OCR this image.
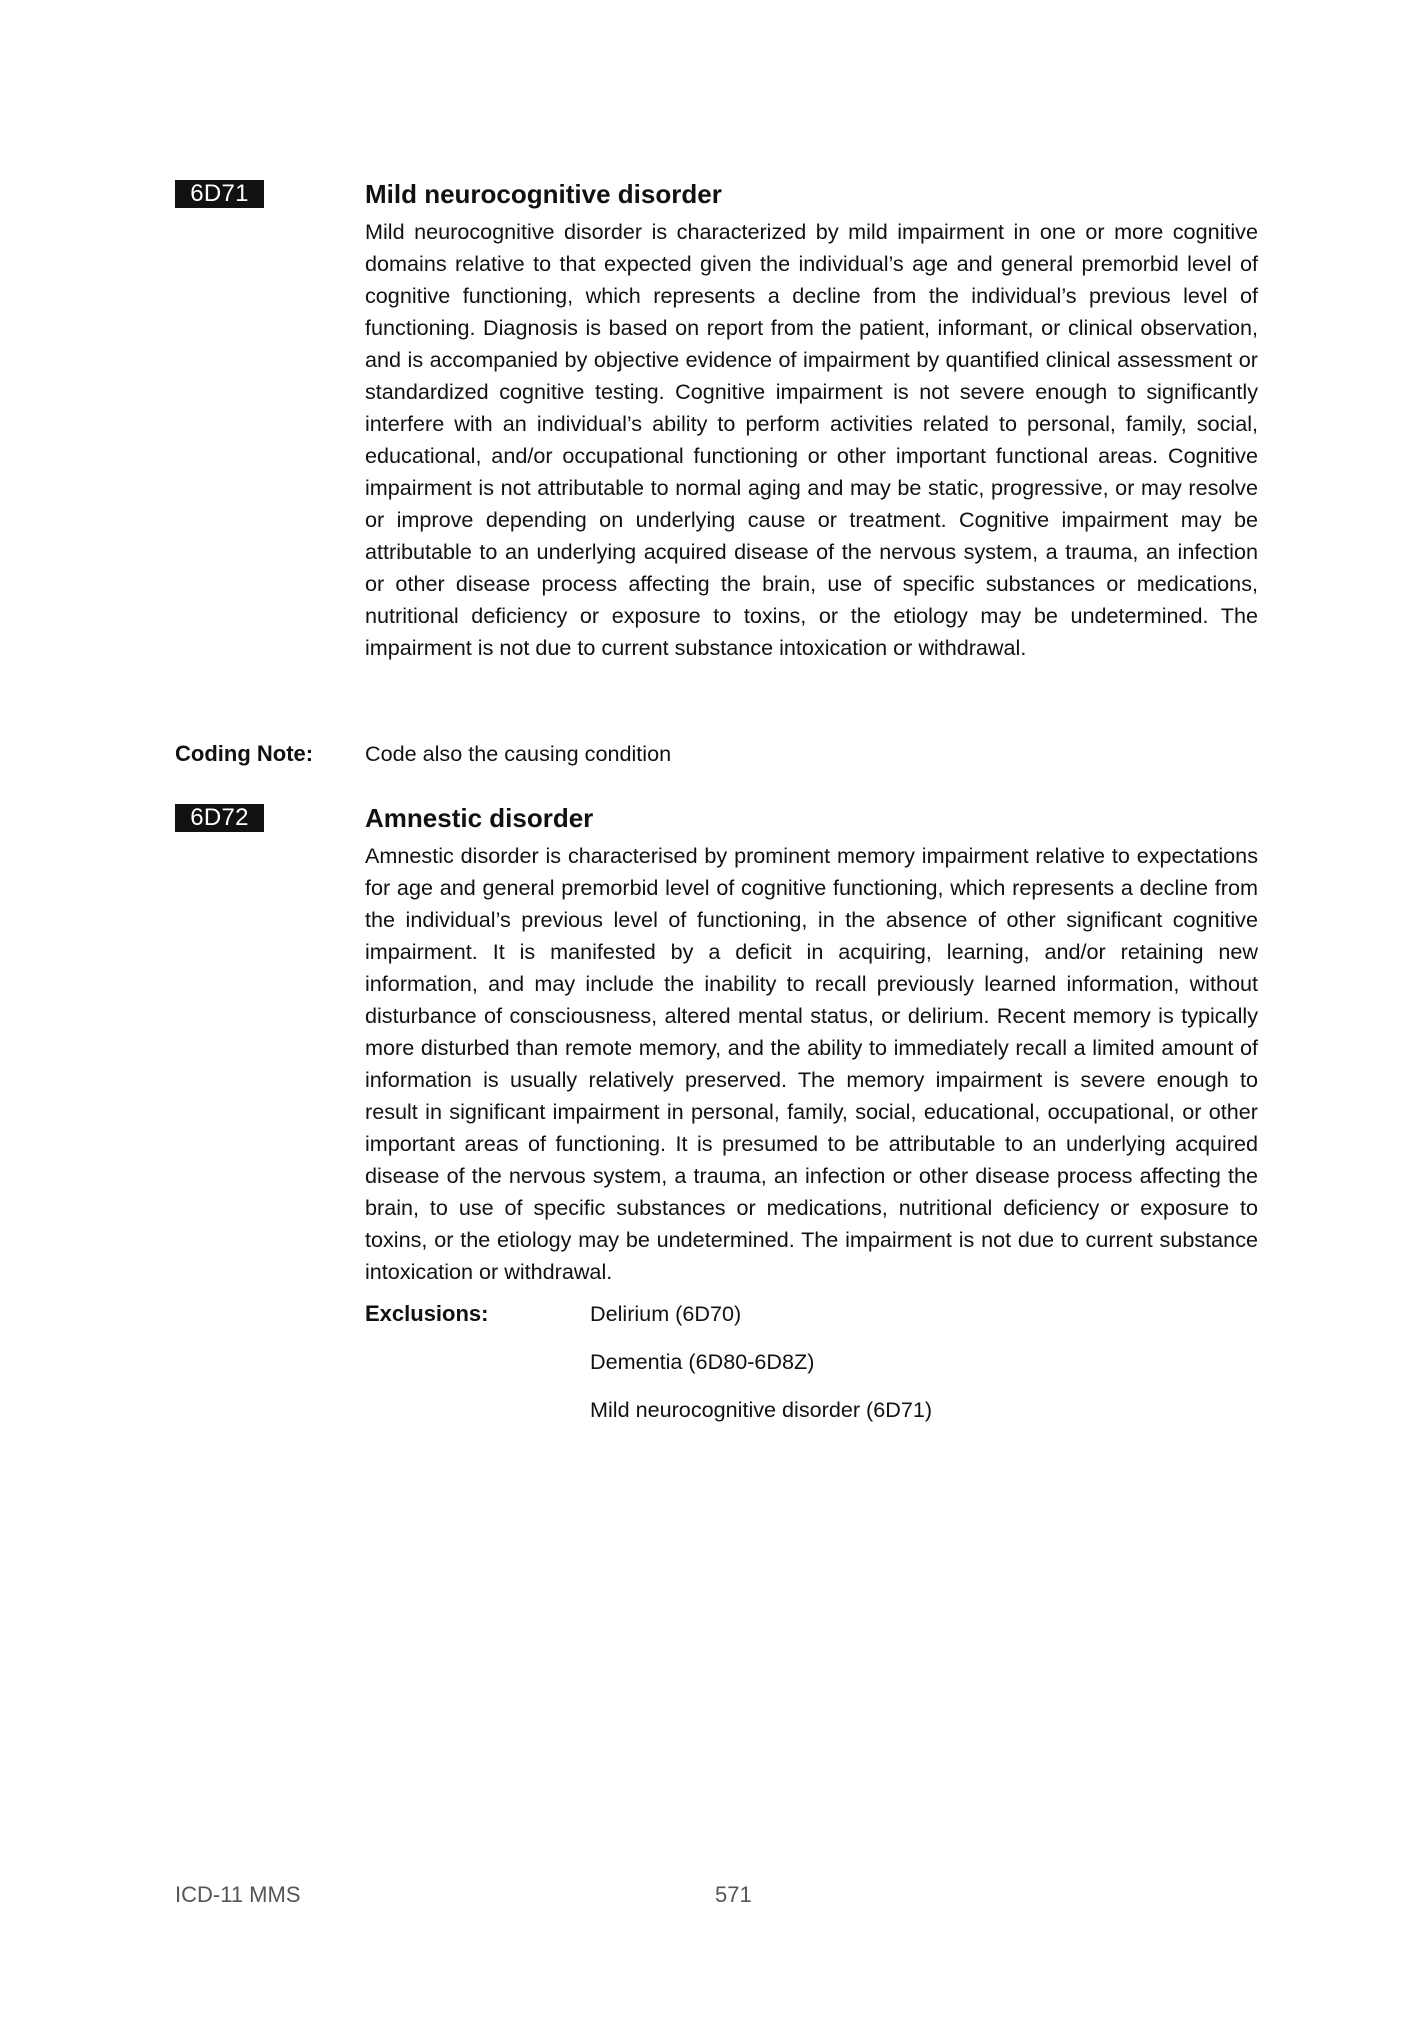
6D71	Mild neurocognitive disorder

Mild neurocognitive disorder is characterized by mild impairment in one or more cognitive domains relative to that expected given the individual’s age and general premorbid level of cognitive functioning, which represents a decline from the individual’s previous level of functioning. Diagnosis is based on report from the patient, informant, or clinical observation, and is accompanied by objective evidence of impairment by quantified clinical assessment or standardized cognitive testing. Cognitive impairment is not severe enough to significantly interfere with an individual’s ability to perform activities related to personal, family, social, educational, and/or occupational functioning or other important functional areas. Cognitive impairment is not attributable to normal aging and may be static, progressive, or may resolve or improve depending on underlying cause or treatment. Cognitive impairment may be attributable to an underlying acquired disease of the nervous system, a trauma, an infection or other disease process affecting the brain, use of specific substances or medications, nutritional deficiency or exposure to toxins, or the etiology may be undetermined. The impairment is not due to current substance intoxication or withdrawal.

Coding Note: Code also the causing condition
6D72	Amnestic disorder

Amnestic disorder is characterised by prominent memory impairment relative to expectations for age and general premorbid level of cognitive functioning, which represents a decline from the individual’s previous level of functioning, in the absence of other significant cognitive impairment. It is manifested by a deficit in acquiring, learning, and/or retaining new information, and may include the inability to recall previously learned information, without disturbance of consciousness, altered mental status, or delirium. Recent memory is typically more disturbed than remote memory, and the ability to immediately recall a limited amount of information is usually relatively preserved. The memory impairment is severe enough to result in significant impairment in personal, family, social, educational, occupational, or other important areas of functioning. It is presumed to be attributable to an underlying acquired disease of the nervous system, a trauma, an infection or other disease process affecting the brain, to use of specific substances or medications, nutritional deficiency or exposure to toxins, or the etiology may be undetermined. The impairment is not due to current substance intoxication or withdrawal.

Exclusions:	Delirium (6D70)
Dementia (6D80-6D8Z)
Mild neurocognitive disorder (6D71)
ICD-11 MMS	571
